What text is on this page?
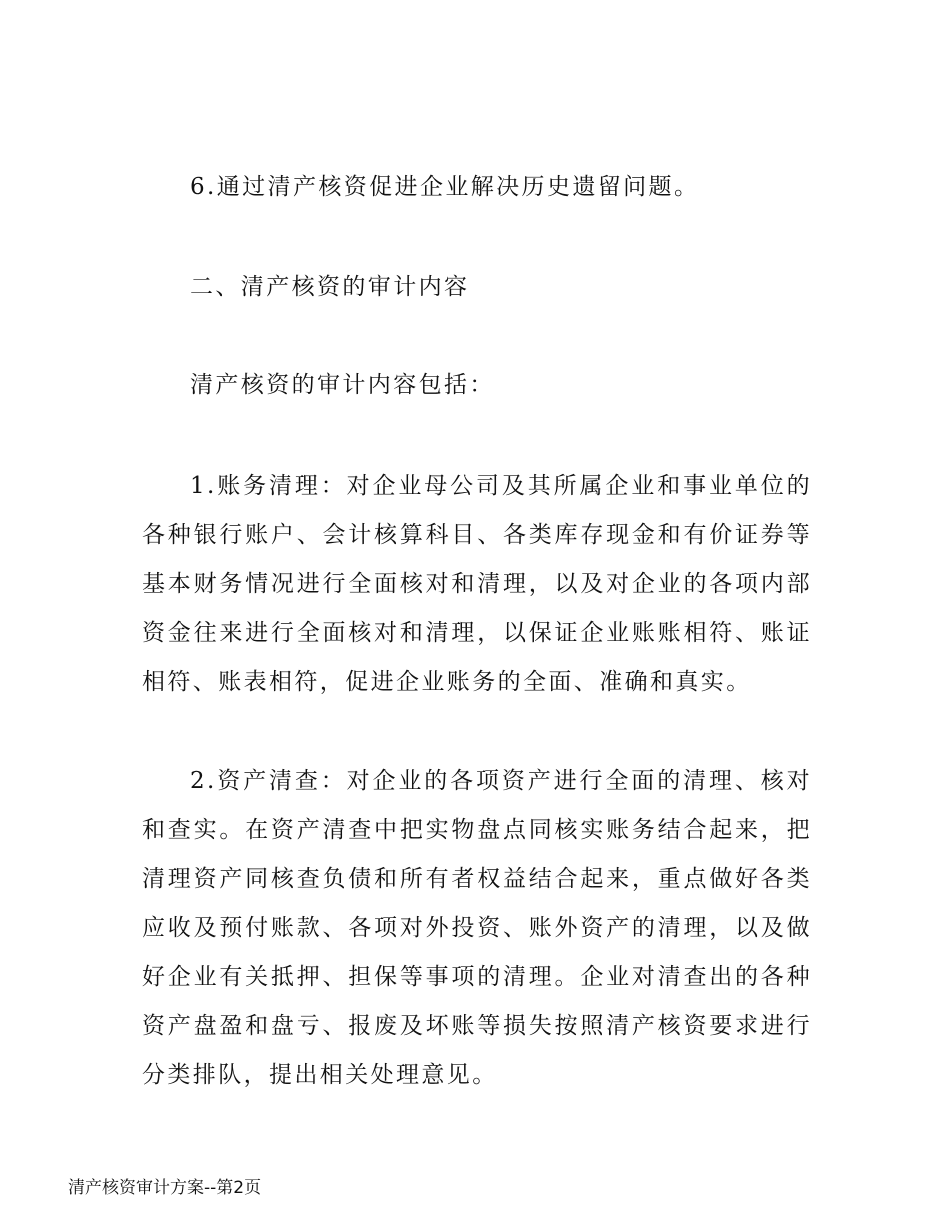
6.通过清产核资促进企业解决历史遗留问题。

二、清产核资的审计内容

清产核资的审计内容包括：

1.账务清理：对企业母公司及其所属企业和事业单位的各种银行账户、会计核算科目、各类库存现金和有价证券等基本财务情况进行全面核对和清理，以及对企业的各项内部资金往来进行全面核对和清理，以保证企业账账相符、账证相符、账表相符，促进企业账务的全面、准确和真实。

2.资产清查：对企业的各项资产进行全面的清理、核对和查实。在资产清查中把实物盘点同核实账务结合起来，把清理资产同核查负债和所有者权益结合起来，重点做好各类应收及预付账款、各项对外投资、账外资产的清理，以及做好企业有关抵押、担保等事项的清理。企业对清查出的各种资产盘盈和盘亏、报废及坏账等损失按照清产核资要求进行分类排队，提出相关处理意见。

清产核资审计方案--第2页
